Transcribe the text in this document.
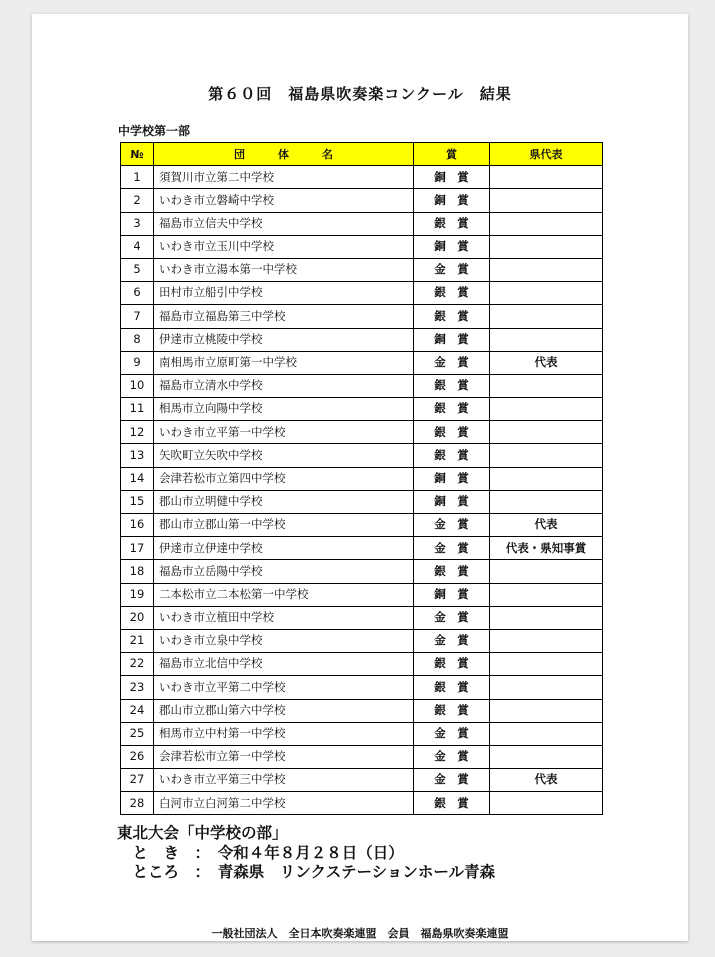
第６０回　福島県吹奏楽コンクール　結果
中学校第一部
№	団　　　体　　　名	賞	県代表
1	須賀川市立第二中学校	銅　賞	
2	いわき市立磐崎中学校	銅　賞	
3	福島市立信夫中学校	銀　賞	
4	いわき市立玉川中学校	銅　賞	
5	いわき市立湯本第一中学校	金　賞	
6	田村市立船引中学校	銀　賞	
7	福島市立福島第三中学校	銀　賞	
8	伊達市立桃陵中学校	銅　賞	
9	南相馬市立原町第一中学校	金　賞	代表
10	福島市立清水中学校	銀　賞	
11	相馬市立向陽中学校	銀　賞	
12	いわき市立平第一中学校	銀　賞	
13	矢吹町立矢吹中学校	銀　賞	
14	会津若松市立第四中学校	銅　賞	
15	郡山市立明健中学校	銅　賞	
16	郡山市立郡山第一中学校	金　賞	代表
17	伊達市立伊達中学校	金　賞	代表・県知事賞
18	福島市立岳陽中学校	銀　賞	
19	二本松市立二本松第一中学校	銅　賞	
20	いわき市立植田中学校	金　賞	
21	いわき市立泉中学校	金　賞	
22	福島市立北信中学校	銀　賞	
23	いわき市立平第二中学校	銀　賞	
24	郡山市立郡山第六中学校	銀　賞	
25	相馬市立中村第一中学校	金　賞	
26	会津若松市立第一中学校	金　賞	
27	いわき市立平第三中学校	金　賞	代表
28	白河市立白河第二中学校	銀　賞	
東北大会「中学校の部」
　と　き　：　令和４年８月２８日（日）
　ところ　：　青森県　リンクステーションホール青森
一般社団法人　全日本吹奏楽連盟　会員　福島県吹奏楽連盟
